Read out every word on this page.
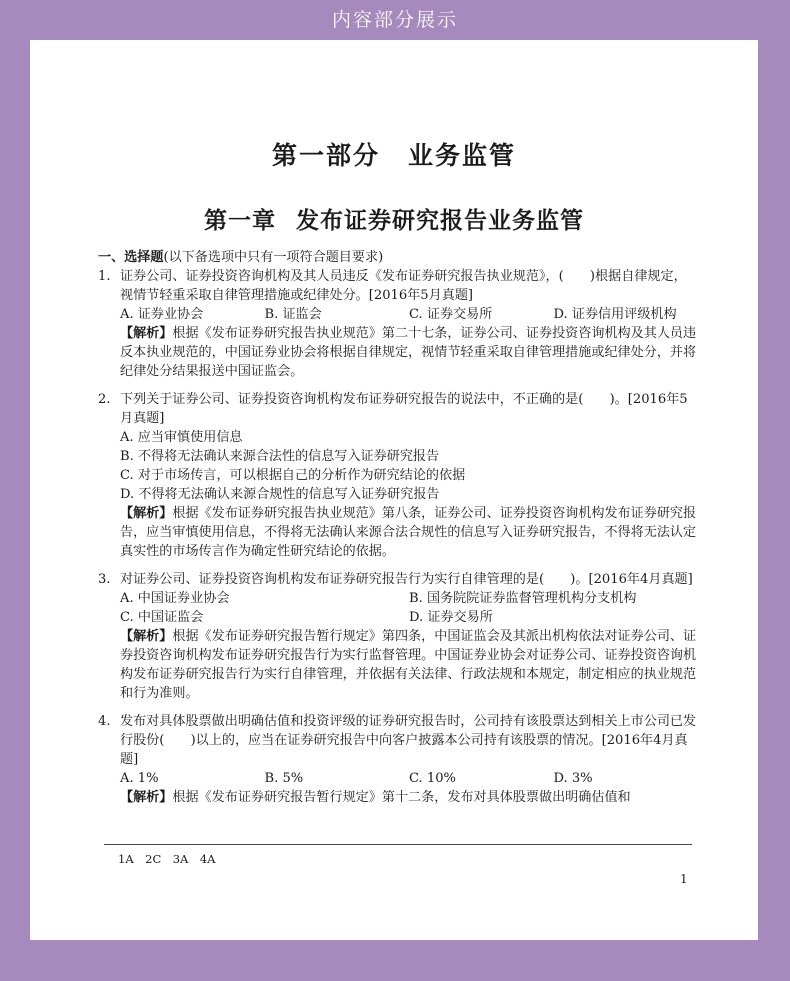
内容部分展示
第一部分 业务监管
第一章 发布证券研究报告业务监管

一、选择题(以下备选项中只有一项符合题目要求)

1. 证券公司、证券投资咨询机构及其人员违反《发布证券研究报告执业规范》，(　　)根据自律规定，视情节轻重采取自律管理措施或纪律处分。[2016年5月真题]

A. 证券业协会	B. 证监会	C. 证券交易所	D. 证券信用评级机构

【解析】根据《发布证券研究报告执业规范》第二十七条，证券公司、证券投资咨询机构及其人员违反本执业规范的，中国证券业协会将根据自律规定，视情节轻重采取自律管理措施或纪律处分，并将纪律处分结果报送中国证监会。

2. 下列关于证券公司、证券投资咨询机构发布证券研究报告的说法中，不正确的是(　　)。[2016年5月真题]

A. 应当审慎使用信息
B. 不得将无法确认来源合法性的信息写入证券研究报告
C. 对于市场传言，可以根据自己的分析作为研究结论的依据
D. 不得将无法确认来源合规性的信息写入证券研究报告

【解析】根据《发布证券研究报告执业规范》第八条，证券公司、证券投资咨询机构发布证券研究报告，应当审慎使用信息，不得将无法确认来源合法合规性的信息写入证券研究报告，不得将无法认定真实性的市场传言作为确定性研究结论的依据。

3. 对证券公司、证券投资咨询机构发布证券研究报告行为实行自律管理的是(　　)。[2016年4月真题]

A. 中国证券业协会	B. 国务院院证券监督管理机构分支机构
C. 中国证监会	D. 证券交易所

【解析】根据《发布证券研究报告暂行规定》第四条，中国证监会及其派出机构依法对证券公司、证券投资咨询机构发布证券研究报告行为实行监督管理。中国证券业协会对证券公司、证券投资咨询机构发布证券研究报告行为实行自律管理，并依据有关法律、行政法规和本规定，制定相应的执业规范和行为准则。

4. 发布对具体股票做出明确估值和投资评级的证券研究报告时，公司持有该股票达到相关上市公司已发行股份(　　)以上的，应当在证券研究报告中向客户披露本公司持有该股票的情况。[2016年4月真题]

A. 1%	B. 5%	C. 10%	D. 3%

【解析】根据《发布证券研究报告暂行规定》第十二条，发布对具体股票做出明确估值和

1A　2C　3A　4A
1
